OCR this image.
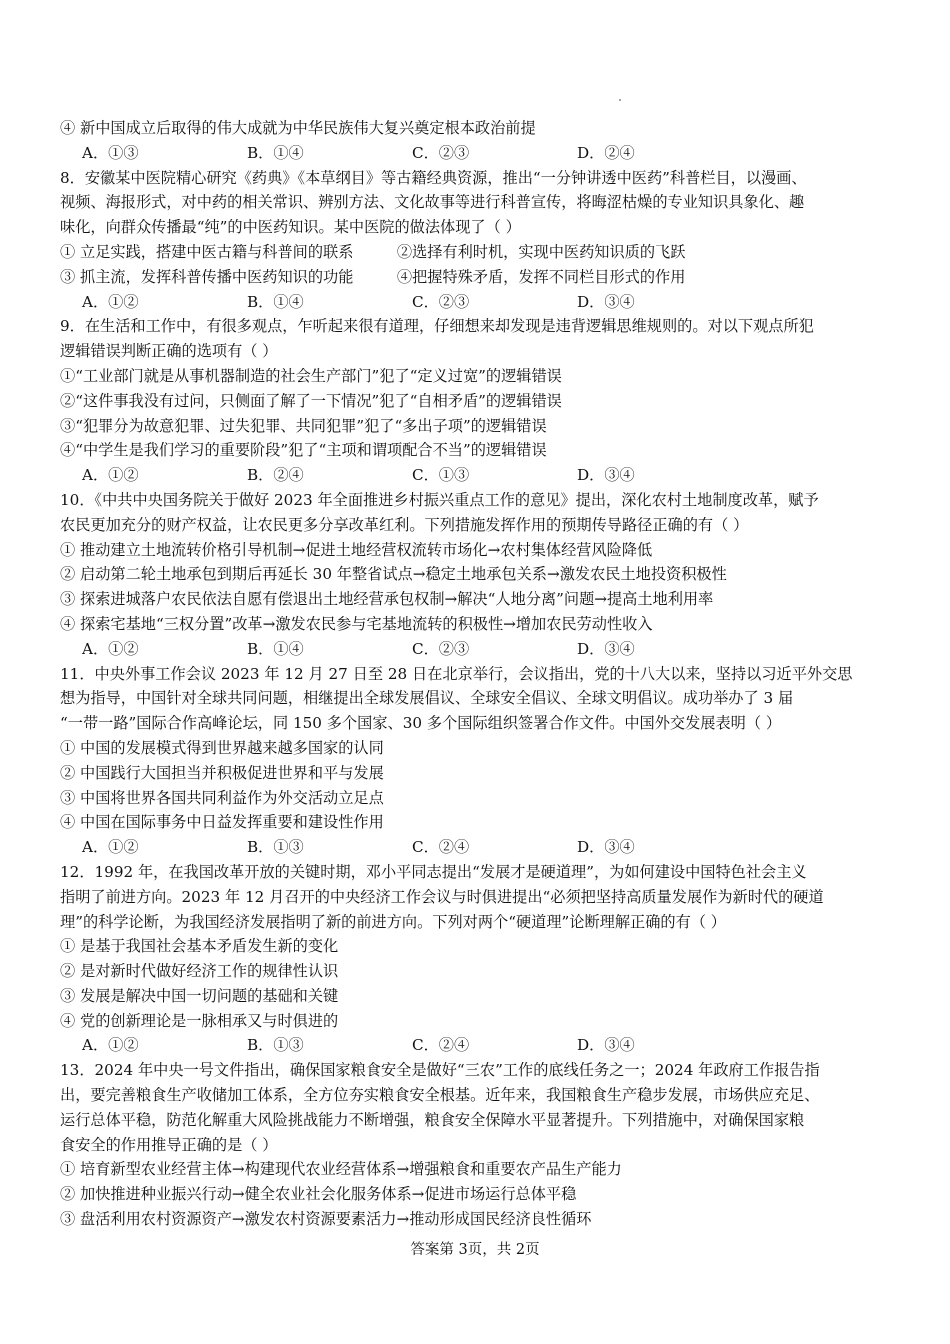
④ 新中国成立后取得的伟大成就为中华民族伟大复兴奠定根本政治前提
A．①③	B．①④	C．②③	D．②④
8．安徽某中医院精心研究《药典》《本草纲目》等古籍经典资源，推出“一分钟讲透中医药”科普栏目，以漫画、
视频、海报形式，对中药的相关常识、辨别方法、文化故事等进行科普宣传，将晦涩枯燥的专业知识具象化、趣
味化，向群众传播最“纯”的中医药知识。某中医院的做法体现了（ ）
① 立足实践，搭建中医古籍与科普间的联系         ②选择有利时机，实现中医药知识质的飞跃
③ 抓主流，发挥科普传播中医药知识的功能         ④把握特殊矛盾，发挥不同栏目形式的作用
A．①②	B．①④	C．②③	D．③④
9．在生活和工作中，有很多观点，乍听起来很有道理，仔细想来却发现是违背逻辑思维规则的。对以下观点所犯
逻辑错误判断正确的选项有（ ）
①“工业部门就是从事机器制造的社会生产部门”犯了“定义过宽”的逻辑错误
②“这件事我没有过问，只侧面了解了一下情况”犯了“自相矛盾”的逻辑错误
③“犯罪分为故意犯罪、过失犯罪、共同犯罪”犯了“多出子项”的逻辑错误
④“中学生是我们学习的重要阶段”犯了“主项和谓项配合不当”的逻辑错误
A．①②	B．②④	C．①③	D．③④
10．《中共中央国务院关于做好 2023 年全面推进乡村振兴重点工作的意见》提出，深化农村土地制度改革，赋予
农民更加充分的财产权益，让农民更多分享改革红利。下列措施发挥作用的预期传导路径正确的有（ ）
① 推动建立土地流转价格引导机制→促进土地经营权流转市场化→农村集体经营风险降低
② 启动第二轮土地承包到期后再延长 30 年整省试点→稳定土地承包关系→激发农民土地投资积极性
③ 探索进城落户农民依法自愿有偿退出土地经营承包权制→解决“人地分离”问题→提高土地利用率
④ 探索宅基地“三权分置”改革→激发农民参与宅基地流转的积极性→增加农民劳动性收入
A．①②	B．①④	C．②③	D．③④
11．中央外事工作会议 2023 年 12 月 27 日至 28 日在北京举行，会议指出，党的十八大以来，坚持以习近平外交思
想为指导，中国针对全球共同问题，相继提出全球发展倡议、全球安全倡议、全球文明倡议。成功举办了 3 届
“一带一路”国际合作高峰论坛，同 150 多个国家、30 多个国际组织签署合作文件。中国外交发展表明（ ）
① 中国的发展模式得到世界越来越多国家的认同
② 中国践行大国担当并积极促进世界和平与发展
③ 中国将世界各国共同利益作为外交活动立足点
④ 中国在国际事务中日益发挥重要和建设性作用
A．①②	B．①③	C．②④	D．③④
12．1992 年，在我国改革开放的关键时期，邓小平同志提出“发展才是硬道理”，为如何建设中国特色社会主义
指明了前进方向。2023 年 12 月召开的中央经济工作会议与时俱进提出“必须把坚持高质量发展作为新时代的硬道
理”的科学论断，为我国经济发展指明了新的前进方向。下列对两个“硬道理”论断理解正确的有（ ）
① 是基于我国社会基本矛盾发生新的变化
② 是对新时代做好经济工作的规律性认识
③ 发展是解决中国一切问题的基础和关键
④ 党的创新理论是一脉相承又与时俱进的
A．①②	B．①③	C．②④	D．③④
13．2024 年中央一号文件指出，确保国家粮食安全是做好“三农”工作的底线任务之一；2024 年政府工作报告指
出，要完善粮食生产收储加工体系，全方位夯实粮食安全根基。近年来，我国粮食生产稳步发展，市场供应充足、
运行总体平稳，防范化解重大风险挑战能力不断增强，粮食安全保障水平显著提升。下列措施中，对确保国家粮
食安全的作用推导正确的是（ ）
① 培育新型农业经营主体→构建现代农业经营体系→增强粮食和重要农产品生产能力
② 加快推进种业振兴行动→健全农业社会化服务体系→促进市场运行总体平稳
③ 盘活利用农村资源资产→激发农村资源要素活力→推动形成国民经济良性循环
答案第 3页，共 2页
